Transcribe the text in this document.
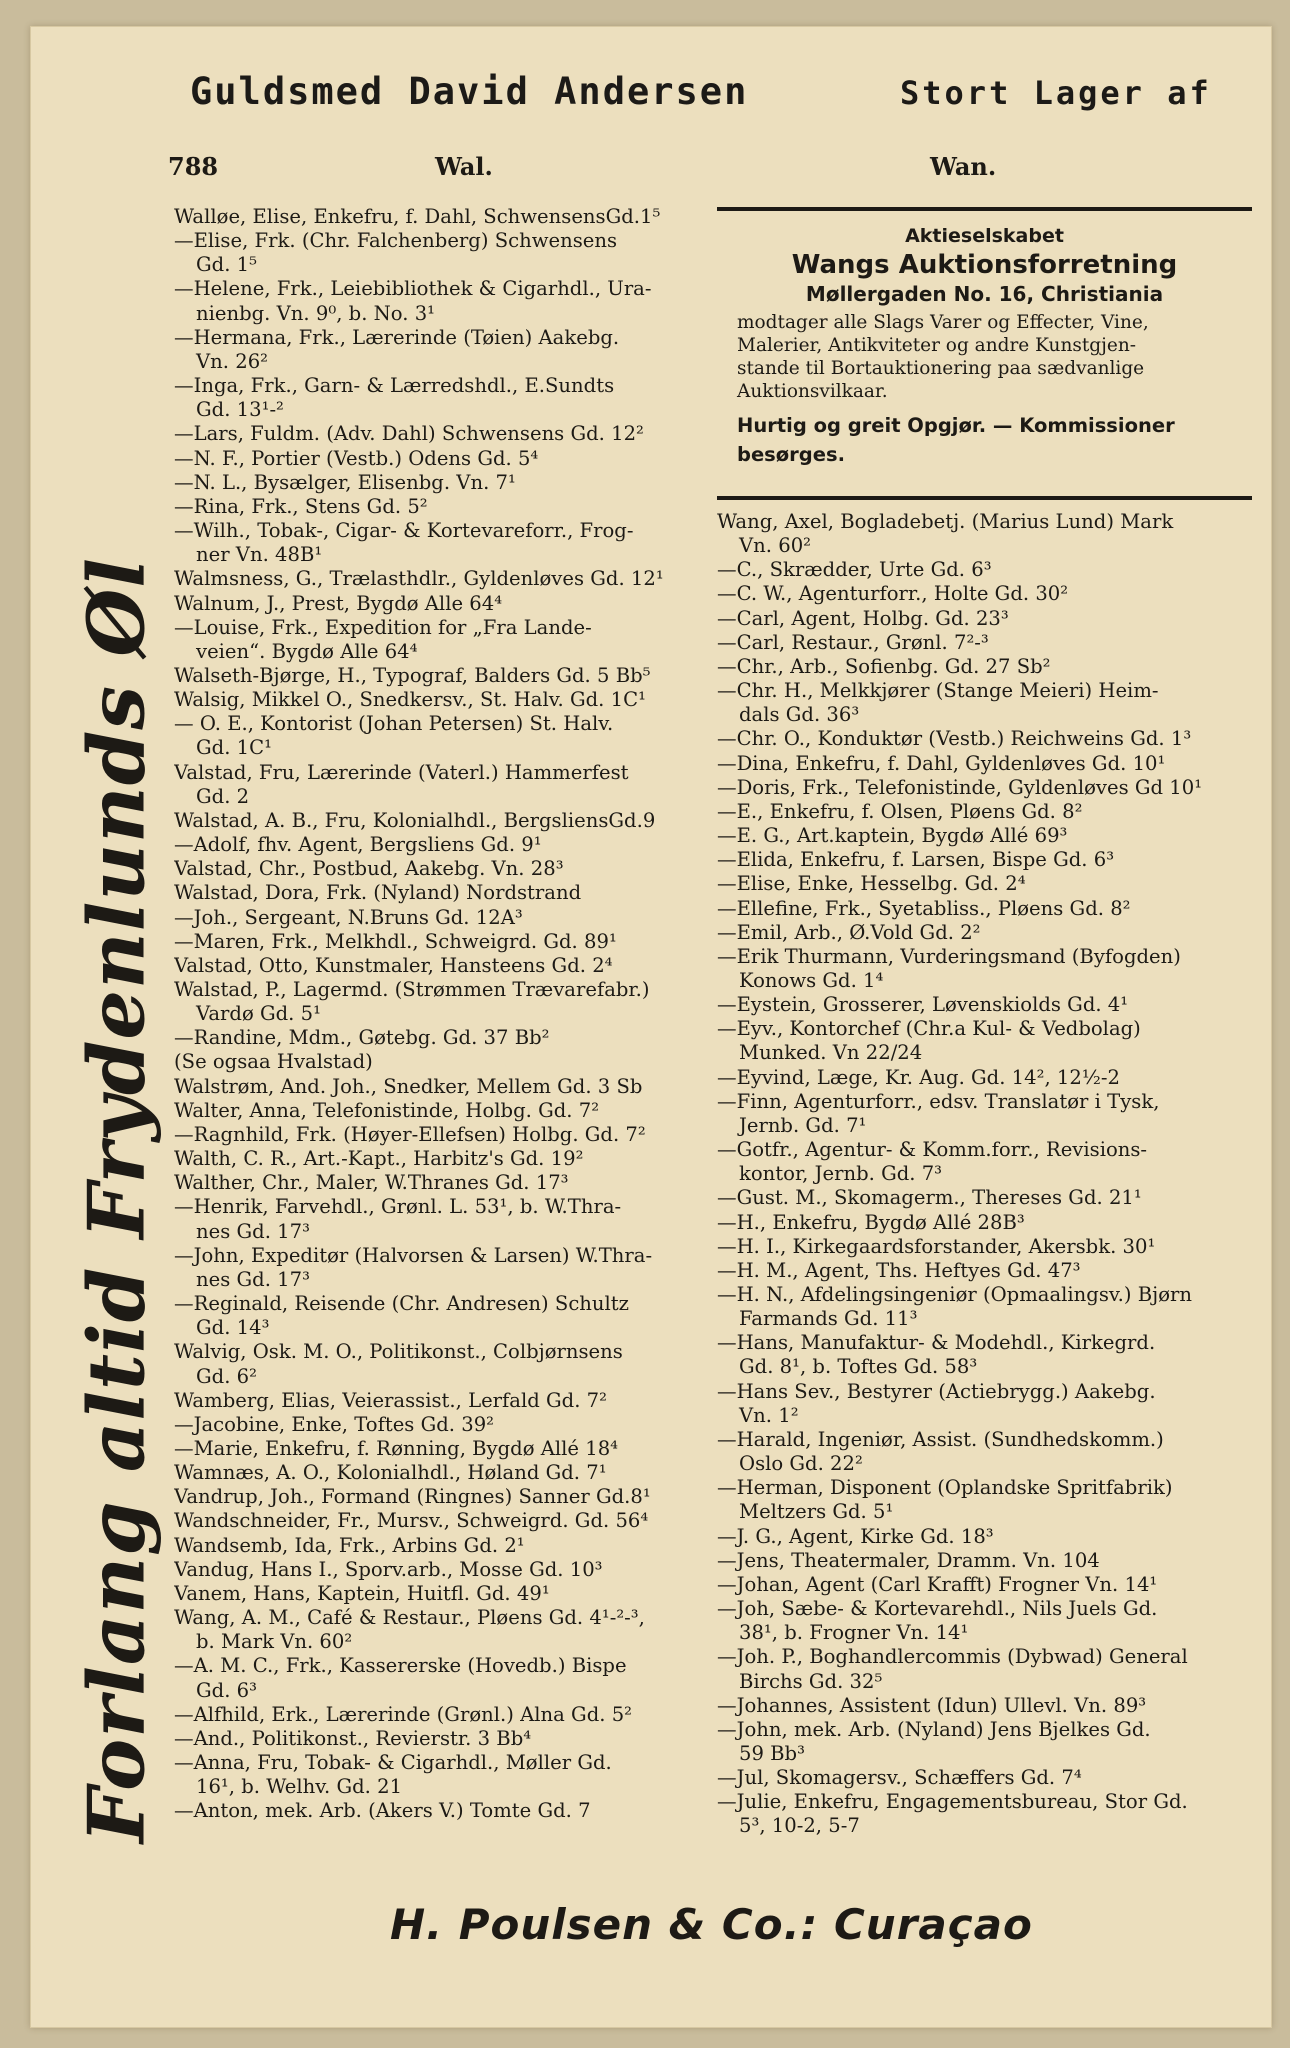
Guldsmed David Andersen	Stort Lager af
788	Wal.	Wan.
Forlang altid Frydenlunds Øl
Walløe, Elise, Enkefru, f. Dahl, SchwensensGd.1⁵
—Elise, Frk. (Chr. Falchenberg) Schwensens
Gd. 1⁵
—Helene, Frk., Leiebibliothek & Cigarhdl., Ura-
nienbg. Vn. 9⁰, b. No. 3¹
—Hermana, Frk., Lærerinde (Tøien) Aakebg.
Vn. 26²
—Inga, Frk., Garn- & Lærredshdl., E.Sundts
Gd. 13¹-²
—Lars, Fuldm. (Adv. Dahl) Schwensens Gd. 12²
—N. F., Portier (Vestb.) Odens Gd. 5⁴
—N. L., Bysælger, Elisenbg. Vn. 7¹
—Rina, Frk., Stens Gd. 5²
—Wilh., Tobak-, Cigar- & Kortevareforr., Frog-
ner Vn. 48B¹
Walmsness, G., Trælasthdlr., Gyldenløves Gd. 12¹
Walnum, J., Prest, Bygdø Alle 64⁴
—Louise, Frk., Expedition for „Fra Lande-
veien“. Bygdø Alle 64⁴
Walseth-Bjørge, H., Typograf, Balders Gd. 5 Bb⁵
Walsig, Mikkel O., Snedkersv., St. Halv. Gd. 1C¹
— O. E., Kontorist (Johan Petersen) St. Halv.
Gd. 1C¹
Valstad, Fru, Lærerinde (Vaterl.) Hammerfest
Gd. 2
Walstad, A. B., Fru, Kolonialhdl., BergsliensGd.9
—Adolf, fhv. Agent, Bergsliens Gd. 9¹
Valstad, Chr., Postbud, Aakebg. Vn. 28³
Walstad, Dora, Frk. (Nyland) Nordstrand
—Joh., Sergeant, N.Bruns Gd. 12A³
—Maren, Frk., Melkhdl., Schweigrd. Gd. 89¹
Valstad, Otto, Kunstmaler, Hansteens Gd. 2⁴
Walstad, P., Lagermd. (Strømmen Trævarefabr.)
Vardø Gd. 5¹
—Randine, Mdm., Gøtebg. Gd. 37 Bb²
(Se ogsaa Hvalstad)
Walstrøm, And. Joh., Snedker, Mellem Gd. 3 Sb
Walter, Anna, Telefonistinde, Holbg. Gd. 7²
—Ragnhild, Frk. (Høyer-Ellefsen) Holbg. Gd. 7²
Walth, C. R., Art.-Kapt., Harbitz's Gd. 19²
Walther, Chr., Maler, W.Thranes Gd. 17³
—Henrik, Farvehdl., Grønl. L. 53¹, b. W.Thra-
nes Gd. 17³
—John, Expeditør (Halvorsen & Larsen) W.Thra-
nes Gd. 17³
—Reginald, Reisende (Chr. Andresen) Schultz
Gd. 14³
Walvig, Osk. M. O., Politikonst., Colbjørnsens
Gd. 6²
Wamberg, Elias, Veierassist., Lerfald Gd. 7²
—Jacobine, Enke, Toftes Gd. 39²
—Marie, Enkefru, f. Rønning, Bygdø Allé 18⁴
Wamnæs, A. O., Kolonialhdl., Høland Gd. 7¹
Vandrup, Joh., Formand (Ringnes) Sanner Gd.8¹
Wandschneider, Fr., Mursv., Schweigrd. Gd. 56⁴
Wandsemb, Ida, Frk., Arbins Gd. 2¹
Vandug, Hans I., Sporv.arb., Mosse Gd. 10³
Vanem, Hans, Kaptein, Huitfl. Gd. 49¹
Wang, A. M., Café & Restaur., Pløens Gd. 4¹-²-³,
b. Mark Vn. 60²
—A. M. C., Frk., Kassererske (Hovedb.) Bispe
Gd. 6³
—Alfhild, Erk., Lærerinde (Grønl.) Alna Gd. 5²
—And., Politikonst., Revierstr. 3 Bb⁴
—Anna, Fru, Tobak- & Cigarhdl., Møller Gd.
16¹, b. Welhv. Gd. 21
—Anton, mek. Arb. (Akers V.) Tomte Gd. 7
Aktieselskabet
Wangs Auktionsforretning
Møllergaden No. 16, Christiania
modtager alle Slags Varer og Effecter, Vine,
Malerier, Antikviteter og andre Kunstgjen-
stande til Bortauktionering paa sædvanlige
Auktionsvilkaar.
Hurtig og greit Opgjør. — Kommissioner
besørges.
Wang, Axel, Bogladebetj. (Marius Lund) Mark
Vn. 60²
—C., Skrædder, Urte Gd. 6³
—C. W., Agenturforr., Holte Gd. 30²
—Carl, Agent, Holbg. Gd. 23³
—Carl, Restaur., Grønl. 7²-³
—Chr., Arb., Sofienbg. Gd. 27 Sb²
—Chr. H., Melkkjører (Stange Meieri) Heim-
dals Gd. 36³
—Chr. O., Konduktør (Vestb.) Reichweins Gd. 1³
—Dina, Enkefru, f. Dahl, Gyldenløves Gd. 10¹
—Doris, Frk., Telefonistinde, Gyldenløves Gd 10¹
—E., Enkefru, f. Olsen, Pløens Gd. 8²
—E. G., Art.kaptein, Bygdø Allé 69³
—Elida, Enkefru, f. Larsen, Bispe Gd. 6³
—Elise, Enke, Hesselbg. Gd. 2⁴
—Ellefine, Frk., Syetabliss., Pløens Gd. 8²
—Emil, Arb., Ø.Vold Gd. 2²
—Erik Thurmann, Vurderingsmand (Byfogden)
Konows Gd. 1⁴
—Eystein, Grosserer, Løvenskiolds Gd. 4¹
—Eyv., Kontorchef (Chr.a Kul- & Vedbolag)
Munked. Vn 22/24
—Eyvind, Læge, Kr. Aug. Gd. 14², 12½-2
—Finn, Agenturforr., edsv. Translatør i Tysk,
Jernb. Gd. 7¹
—Gotfr., Agentur- & Komm.forr., Revisions-
kontor, Jernb. Gd. 7³
—Gust. M., Skomagerm., Thereses Gd. 21¹
—H., Enkefru, Bygdø Allé 28B³
—H. I., Kirkegaardsforstander, Akersbk. 30¹
—H. M., Agent, Ths. Heftyes Gd. 47³
—H. N., Afdelingsingeniør (Opmaalingsv.) Bjørn
Farmands Gd. 11³
—Hans, Manufaktur- & Modehdl., Kirkegrd.
Gd. 8¹, b. Toftes Gd. 58³
—Hans Sev., Bestyrer (Actiebrygg.) Aakebg.
Vn. 1²
—Harald, Ingeniør, Assist. (Sundhedskomm.)
Oslo Gd. 22²
—Herman, Disponent (Oplandske Spritfabrik)
Meltzers Gd. 5¹
—J. G., Agent, Kirke Gd. 18³
—Jens, Theatermaler, Dramm. Vn. 104
—Johan, Agent (Carl Krafft) Frogner Vn. 14¹
—Joh, Sæbe- & Kortevarehdl., Nils Juels Gd.
38¹, b. Frogner Vn. 14¹
—Joh. P., Boghandlercommis (Dybwad) General
Birchs Gd. 32⁵
—Johannes, Assistent (Idun) Ullevl. Vn. 89³
—John, mek. Arb. (Nyland) Jens Bjelkes Gd.
59 Bb³
—Jul, Skomagersv., Schæffers Gd. 7⁴
—Julie, Enkefru, Engagementsbureau, Stor Gd.
5³, 10-2, 5-7
H. Poulsen & Co.: Curaçao
